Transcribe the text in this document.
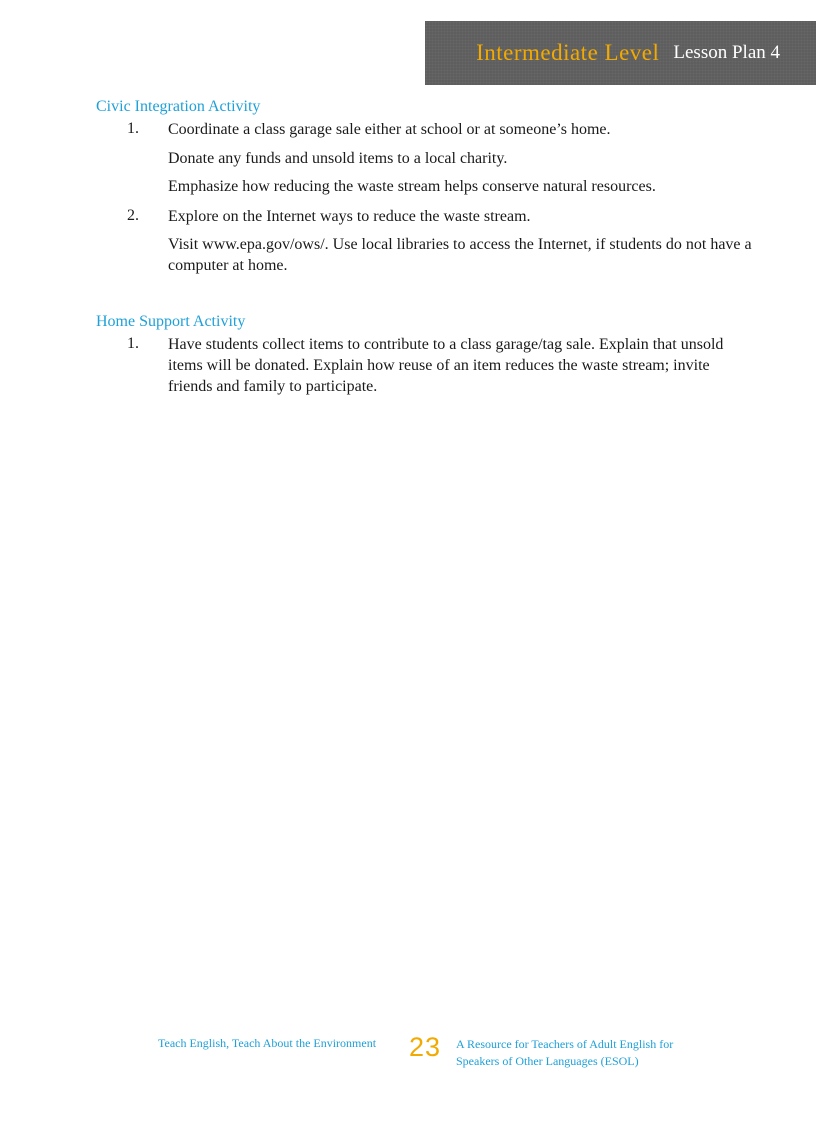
Intermediate Level Lesson Plan 4
Civic Integration Activity
1. Coordinate a class garage sale either at school or at someone’s home.

Donate any funds and unsold items to a local charity.

Emphasize how reducing the waste stream helps conserve natural resources.

2. Explore on the Internet ways to reduce the waste stream.

Visit www.epa.gov/ows/. Use local libraries to access the Internet, if students do not have a computer at home.

Home Support Activity
1. Have students collect items to contribute to a class garage/tag sale. Explain that unsold items will be donated. Explain how reuse of an item reduces the waste stream; invite friends and family to participate.

Teach English, Teach About the Environment 23 A Resource for Teachers of Adult English for Speakers of Other Languages (ESOL)
